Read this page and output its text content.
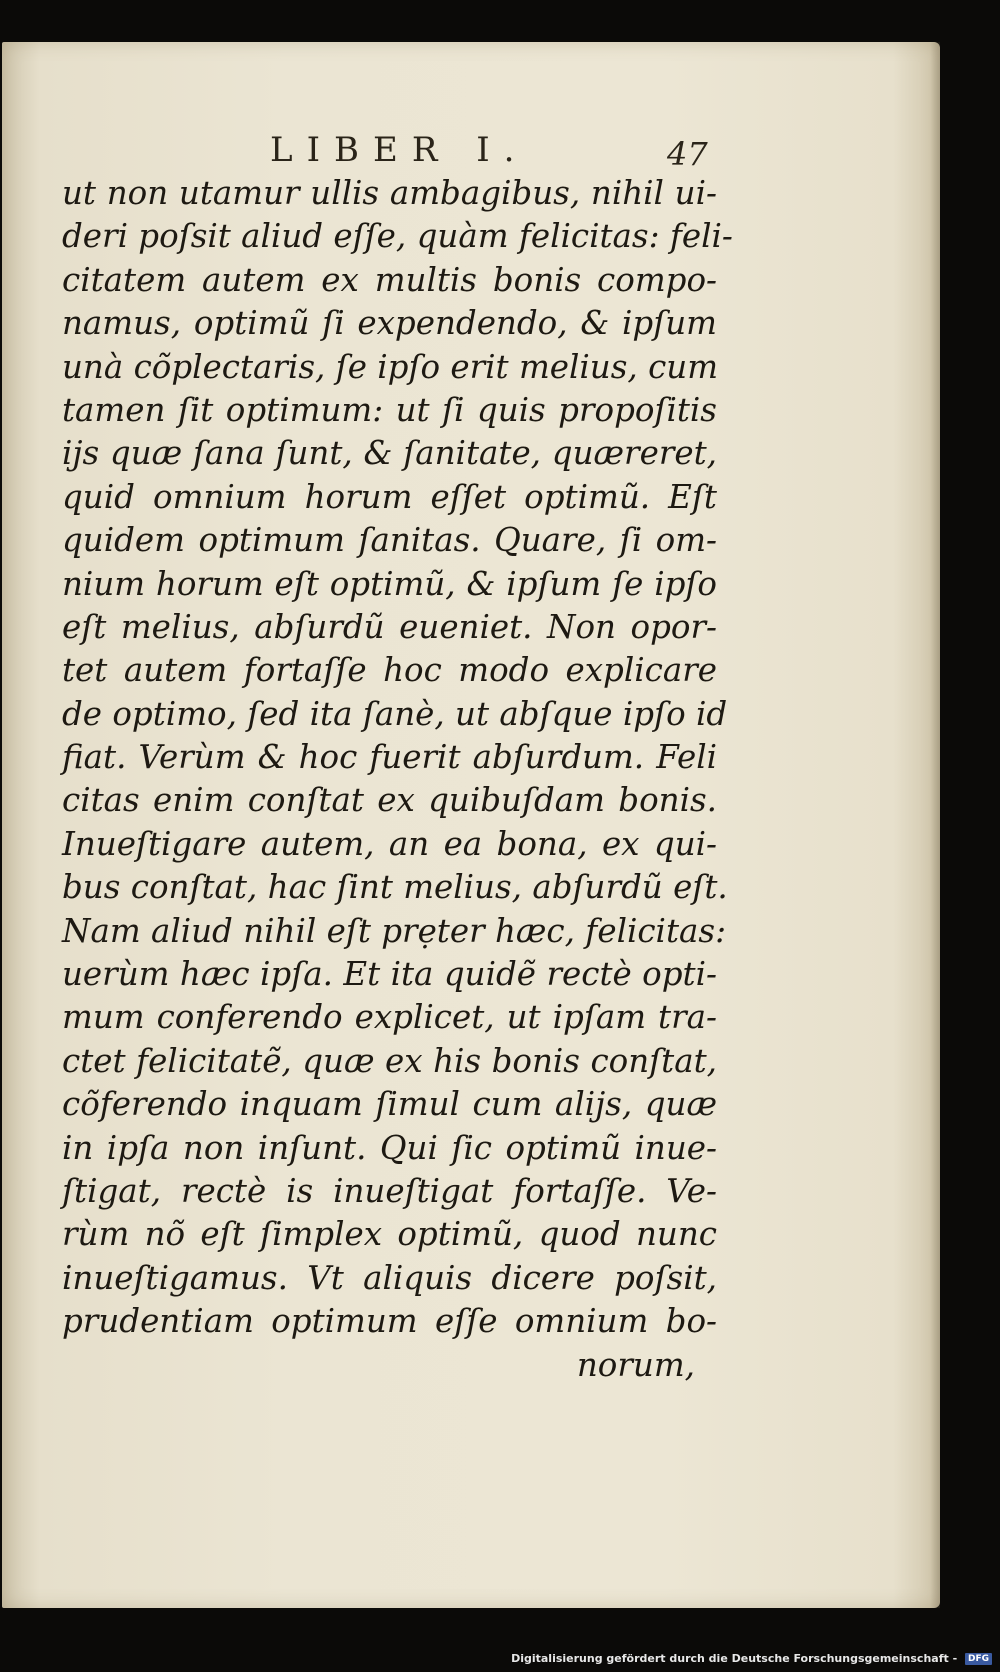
LIBER I.	47
ut non utamur ullis ambagibus, nihil ui-
deri poſsit aliud eſſe, quàm felicitas: feli-
citatem autem ex multis bonis compo-
namus, optimũ ſi expendendo, & ipſum
unà cõplectaris, ſe ipſo erit melius, cum
tamen ſit optimum: ut ſi quis propoſitis
ijs quæ ſana ſunt, & ſanitate, quæreret,
quid omnium horum eſſet optimũ. Eſt
quidem optimum ſanitas. Quare, ſi om-
nium horum eſt optimũ, & ipſum ſe ipſo
eſt melius, abſurdũ eueniet. Non opor-
tet autem fortaſſe hoc modo explicare
de optimo, ſed ita ſanè, ut abſque ipſo id
fiat. Verùm & hoc fuerit abſurdum. Feli
citas enim conſtat ex quibuſdam bonis.
Inueſtigare autem, an ea bona, ex qui-
bus conſtat, hac ſint melius, abſurdũ eſt.
Nam aliud nihil eſt prẹter hæc, felicitas:
uerùm hæc ipſa. Et ita quidẽ rectè opti-
mum conferendo explicet, ut ipſam tra-
ctet felicitatẽ, quæ ex his bonis conſtat,
cõferendo inquam ſimul cum alijs, quæ
in ipſa non inſunt. Qui ſic optimũ inue-
ſtigat, rectè is inueſtigat fortaſſe. Ve-
rùm nõ eſt ſimplex optimũ, quod nunc
inueſtigamus. Vt aliquis dicere poſsit,
prudentiam optimum eſſe omnium bo-
norum,
Digitalisierung gefördert durch die Deutsche Forschungsgemeinschaft - DFG
